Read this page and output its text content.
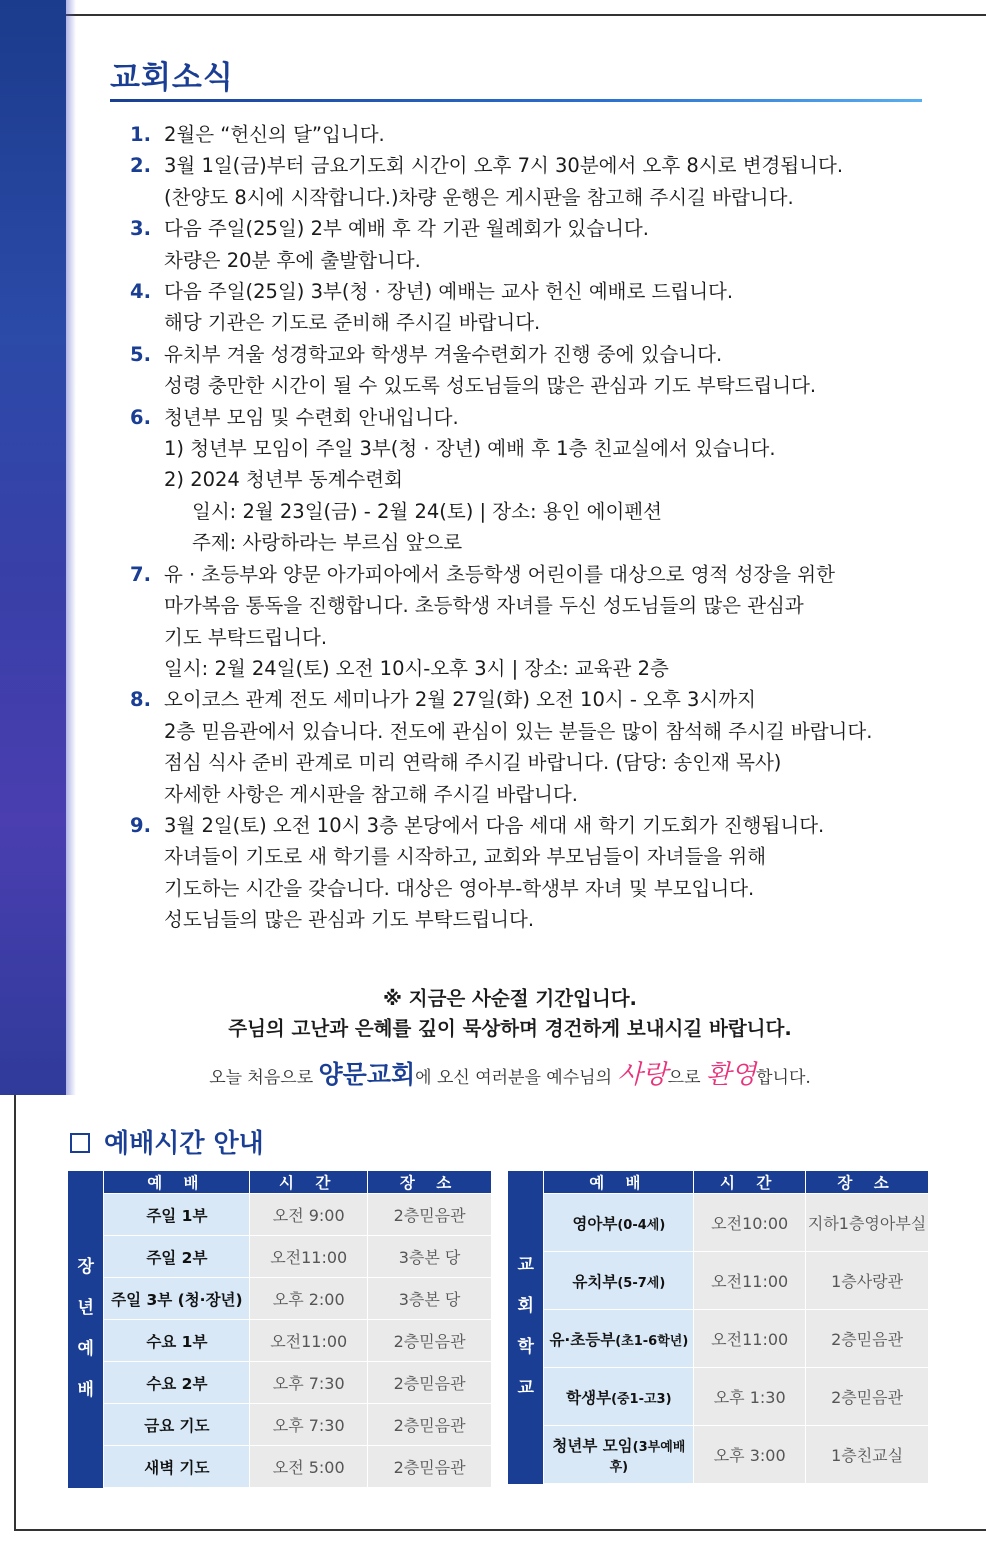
교회소식
1. 2월은 “헌신의 달”입니다.
2. 3월 1일(금)부터 금요기도회 시간이 오후 7시 30분에서 오후 8시로 변경됩니다.
(찬양도 8시에 시작합니다.)차량 운행은 게시판을 참고해 주시길 바랍니다.
3. 다음 주일(25일) 2부 예배 후 각 기관 월례회가 있습니다.
차량은 20분 후에 출발합니다.
4. 다음 주일(25일) 3부(청 · 장년) 예배는 교사 헌신 예배로 드립니다.
해당 기관은 기도로 준비해 주시길 바랍니다.
5. 유치부 겨울 성경학교와 학생부 겨울수련회가 진행 중에 있습니다.
성령 충만한 시간이 될 수 있도록 성도님들의 많은 관심과 기도 부탁드립니다.
6. 청년부 모임 및 수련회 안내입니다.
1) 청년부 모임이 주일 3부(청 · 장년) 예배 후 1층 친교실에서 있습니다.
2) 2024 청년부 동계수련회
일시: 2월 23일(금) - 2월 24(토) | 장소: 용인 에이펜션
주제: 사랑하라는 부르심 앞으로
7. 유 · 초등부와 양문 아가피아에서 초등학생 어린이를 대상으로 영적 성장을 위한
마가복음 통독을 진행합니다. 초등학생 자녀를 두신 성도님들의 많은 관심과
기도 부탁드립니다.
일시: 2월 24일(토) 오전 10시-오후 3시 | 장소: 교육관 2층
8. 오이코스 관계 전도 세미나가 2월 27일(화) 오전 10시 - 오후 3시까지
2층 믿음관에서 있습니다. 전도에 관심이 있는 분들은 많이 참석해 주시길 바랍니다.
점심 식사 준비 관계로 미리 연락해 주시길 바랍니다. (담당: 송인재 목사)
자세한 사항은 게시판을 참고해 주시길 바랍니다.
9. 3월 2일(토) 오전 10시 3층 본당에서 다음 세대 새 학기 기도회가 진행됩니다.
자녀들이 기도로 새 학기를 시작하고, 교회와 부모님들이 자녀들을 위해
기도하는 시간을 갖습니다. 대상은 영아부-학생부 자녀 및 부모입니다.
성도님들의 많은 관심과 기도 부탁드립니다.
※ 지금은 사순절 기간입니다.
주님의 고난과 은혜를 깊이 묵상하며 경건하게 보내시길 바랍니다.
오늘 처음으로 양문교회에 오신 여러분을 예수님의 사랑으로 환영합니다.
예배시간 안내
장
년
예
배	예 배	시 간	장 소
	주일 1부	오전 9:00	2층믿음관
	주일 2부	오전11:00	3층본 당
	주일 3부 (청·장년)	오후 2:00	3층본 당
	수요 1부	오전11:00	2층믿음관
	수요 2부	오후 7:30	2층믿음관
	금요 기도	오후 7:30	2층믿음관
	새벽 기도	오전 5:00	2층믿음관
교
회
학
교	예 배	시 간	장 소
	영아부(0-4세)	오전10:00	지하1층영아부실
	유치부(5-7세)	오전11:00	1층사랑관
	유·초등부(초1-6학년)	오전11:00	2층믿음관
	학생부(중1-고3)	오후 1:30	2층믿음관
	청년부 모임(3부예배후)	오후 3:00	1층친교실
